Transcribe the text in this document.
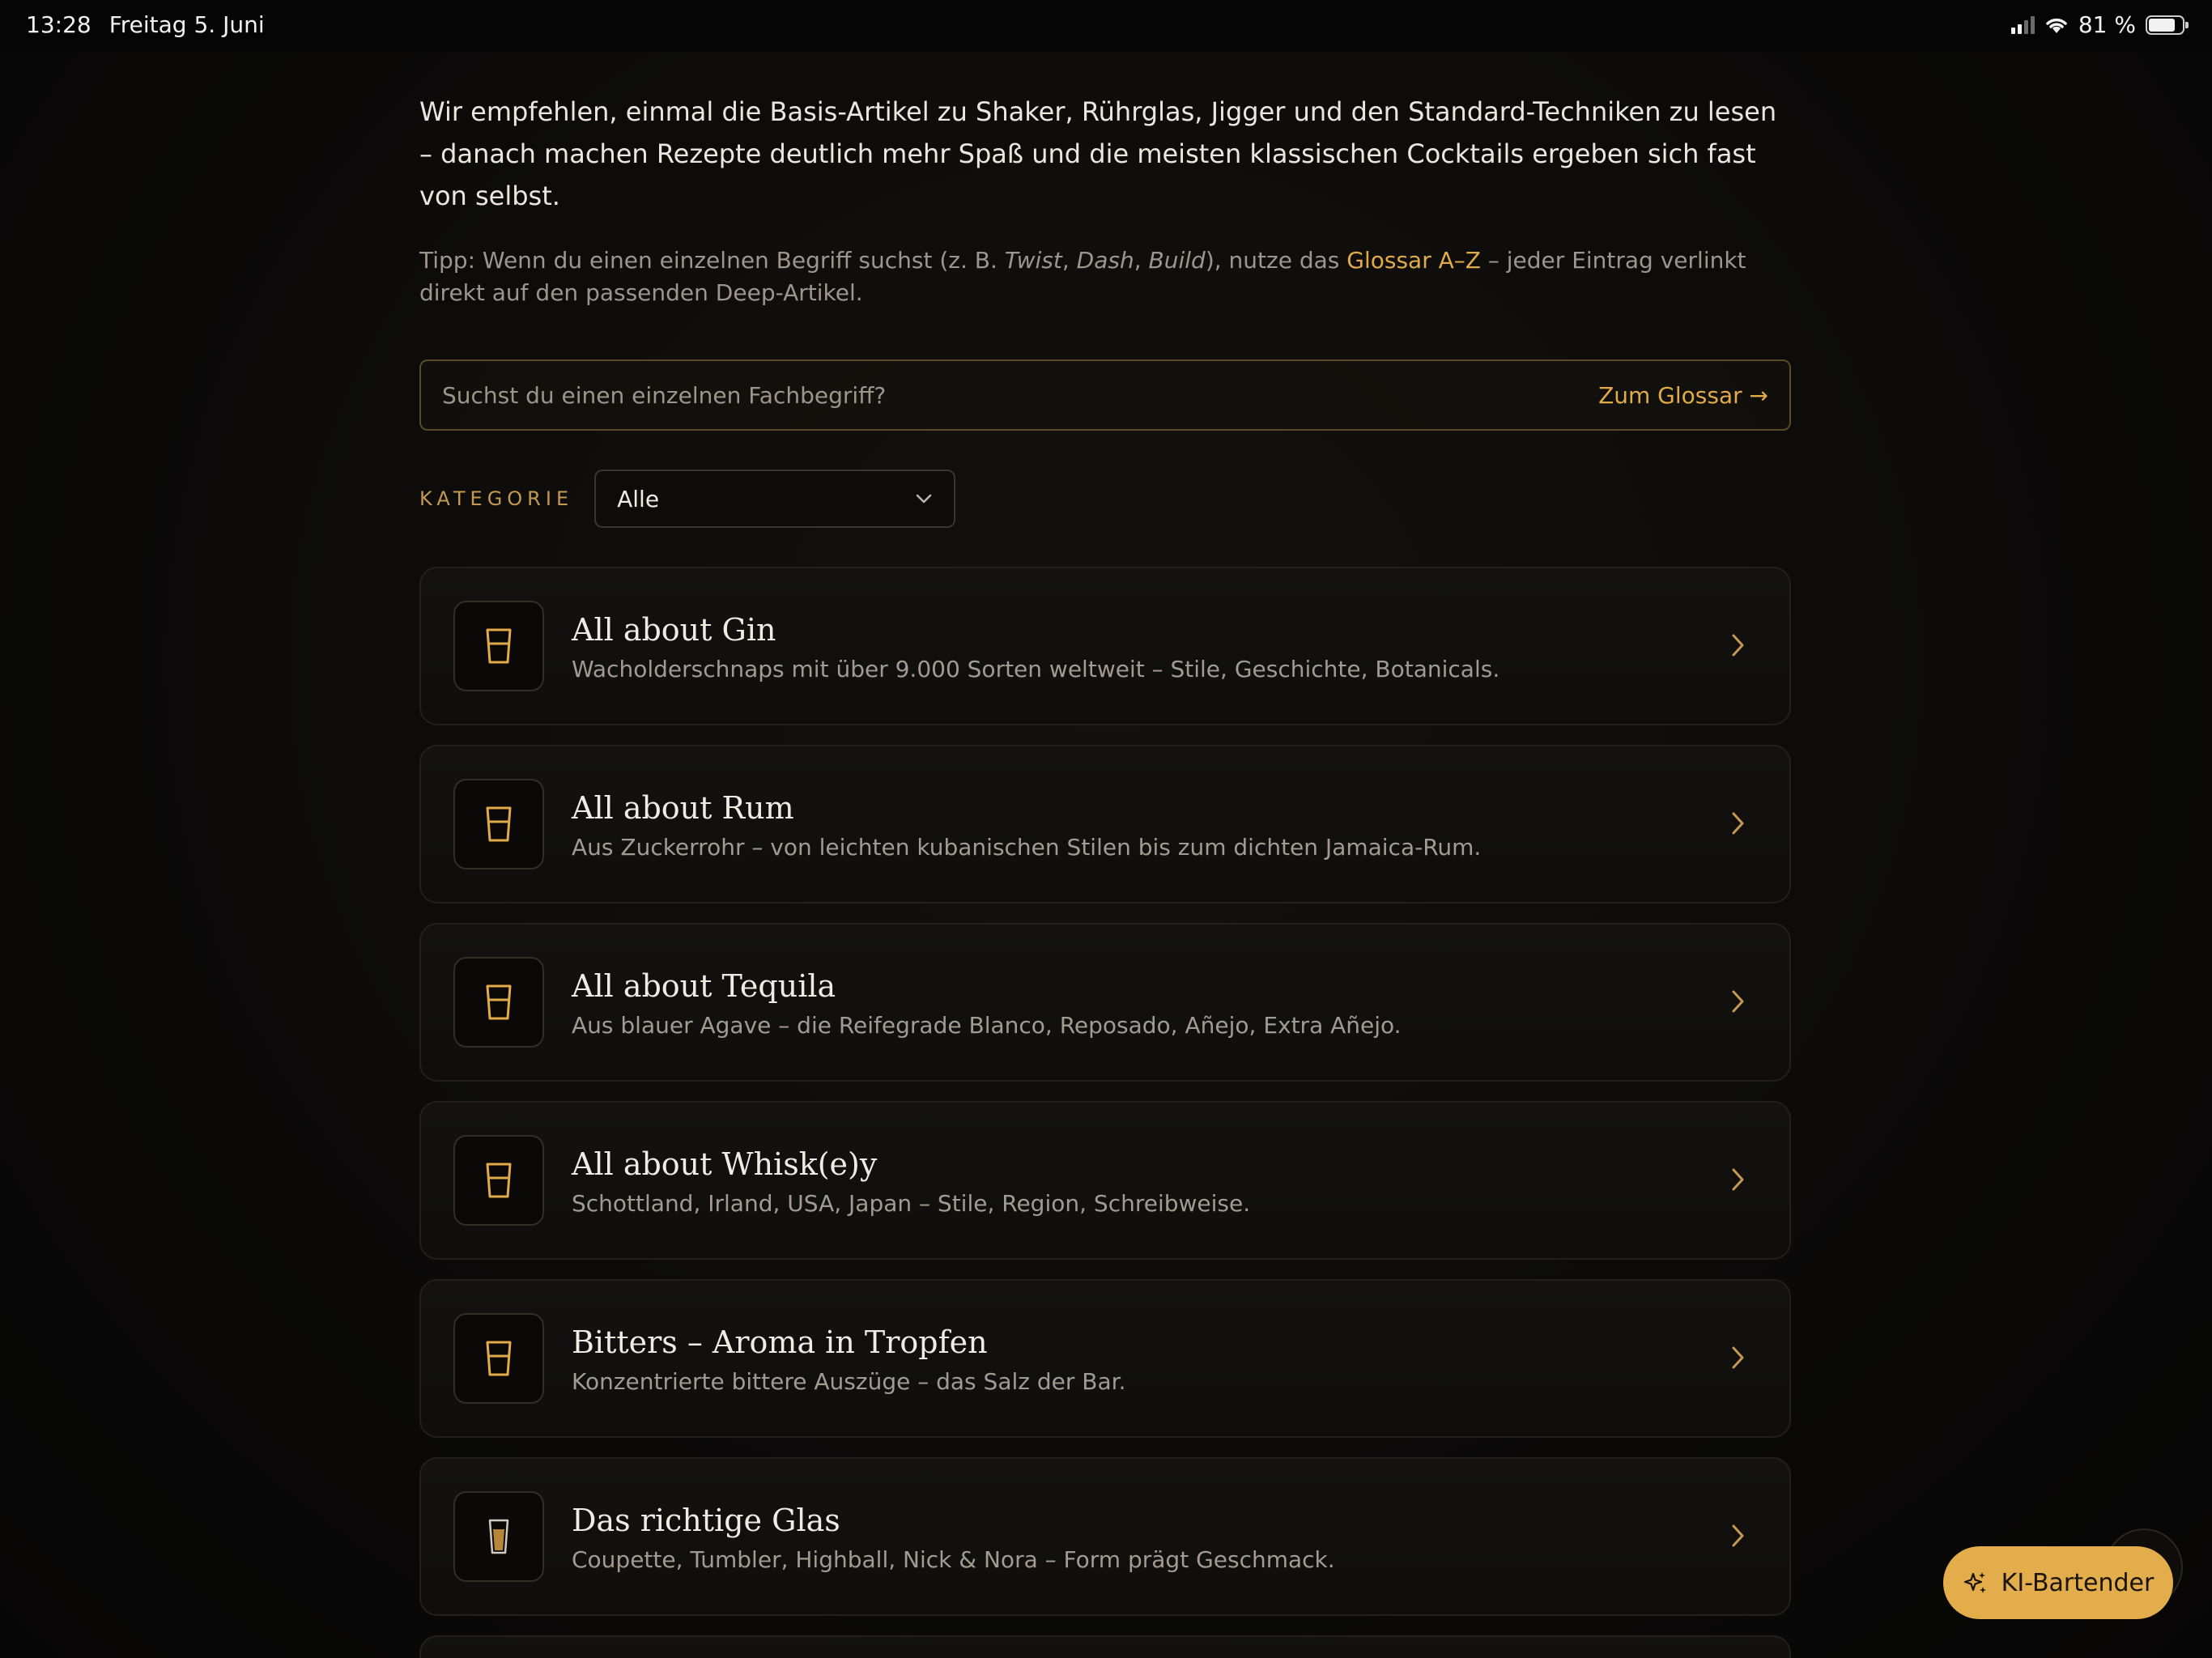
13:28 Freitag 5. Juni	81 %

Wir empfehlen, einmal die Basis-Artikel zu Shaker, Rührglas, Jigger und den Standard-Techniken zu lesen – danach machen Rezepte deutlich mehr Spaß und die meisten klassischen Cocktails ergeben sich fast von selbst.

Tipp: Wenn du einen einzelnen Begriff suchst (z. B. Twist, Dash, Build), nutze das Glossar A–Z – jeder Eintrag verlinkt direkt auf den passenden Deep-Artikel.

Suchst du einen einzelnen Fachbegriff?	Zum Glossar →
KATEGORIE Alle
All about Gin
Wacholderschnaps mit über 9.000 Sorten weltweit – Stile, Geschichte, Botanicals.
All about Rum
Aus Zuckerrohr – von leichten kubanischen Stilen bis zum dichten Jamaica-Rum.
All about Tequila
Aus blauer Agave – die Reifegrade Blanco, Reposado, Añejo, Extra Añejo.
All about Whisk(e)y
Schottland, Irland, USA, Japan – Stile, Region, Schreibweise.
Bitters – Aroma in Tropfen
Konzentrierte bittere Auszüge – das Salz der Bar.
Das richtige Glas
Coupette, Tumbler, Highball, Nick & Nora – Form prägt Geschmack.
KI-Bartender
